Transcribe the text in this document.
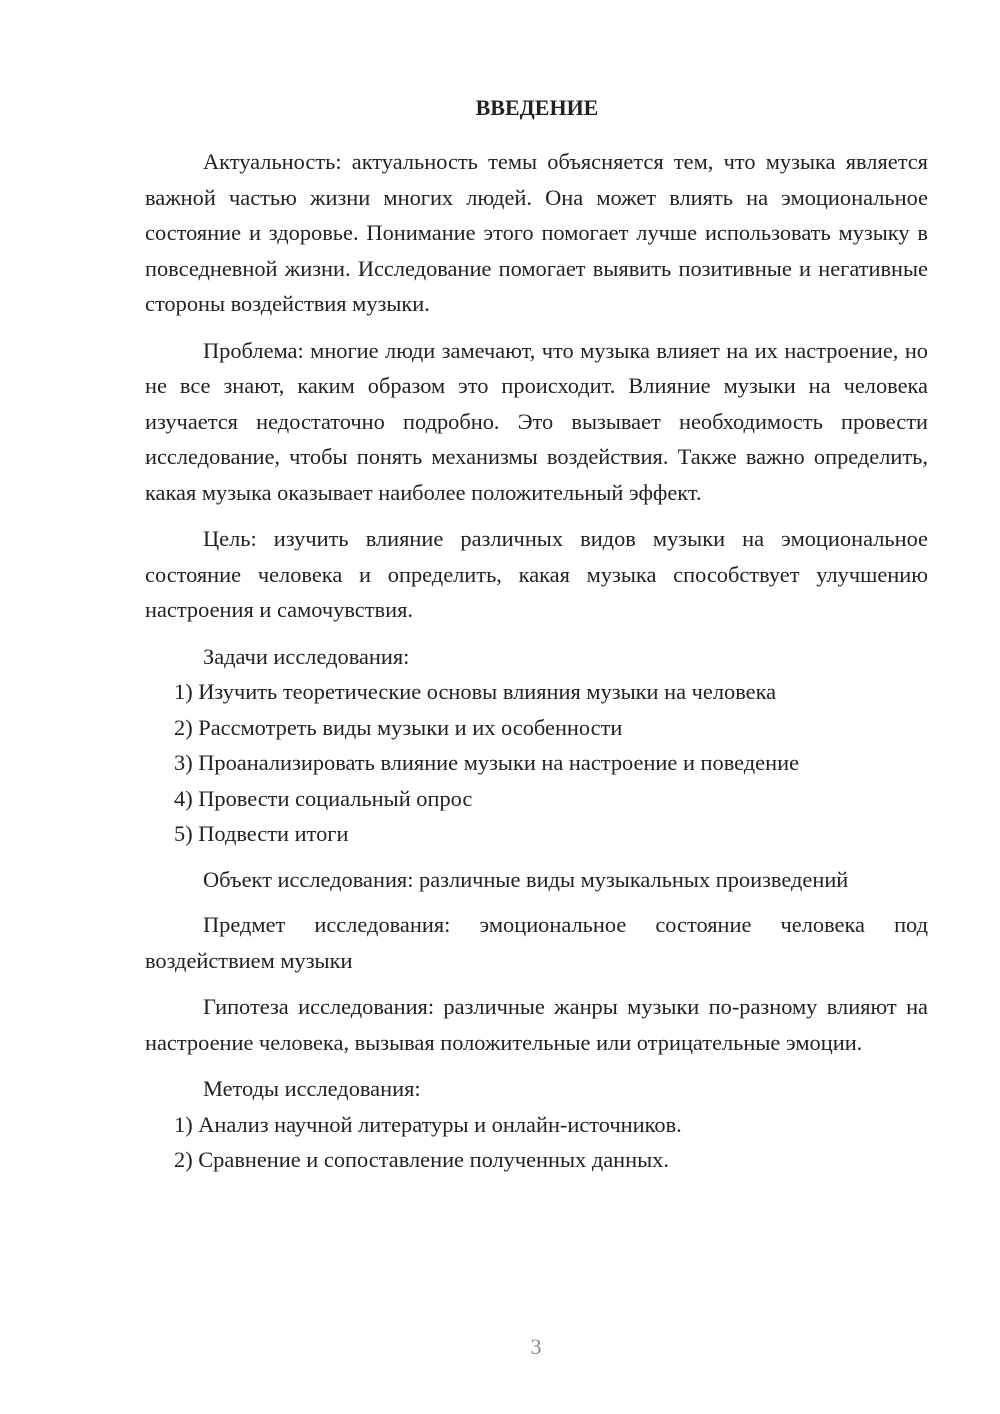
ВВЕДЕНИЕ

Актуальность: актуальность темы объясняется тем, что музыка является важной частью жизни многих людей. Она может влиять на эмоциональное состояние и здоровье. Понимание этого помогает лучше использовать музыку в повседневной жизни. Исследование помогает выявить позитивные и негативные стороны воздействия музыки.

Проблема: многие люди замечают, что музыка влияет на их настроение, но не все знают, каким образом это происходит. Влияние музыки на человека изучается недостаточно подробно. Это вызывает необходимость провести исследование, чтобы понять механизмы воздействия. Также важно определить, какая музыка оказывает наиболее положительный эффект.

Цель: изучить влияние различных видов музыки на эмоциональное состояние человека и определить, какая музыка способствует улучшению настроения и самочувствия.

Задачи исследования:

1) Изучить теоретические основы влияния музыки на человека
2) Рассмотреть виды музыки и их особенности
3) Проанализировать влияние музыки на настроение и поведение
4) Провести социальный опрос
5) Подвести итоги

Объект исследования: различные виды музыкальных произведений

Предмет исследования: эмоциональное состояние человека под воздействием музыки

Гипотеза исследования: различные жанры музыки по-разному влияют на настроение человека, вызывая положительные или отрицательные эмоции.

Методы исследования:

1) Анализ научной литературы и онлайн-источников.
2) Сравнение и сопоставление полученных данных.
3
